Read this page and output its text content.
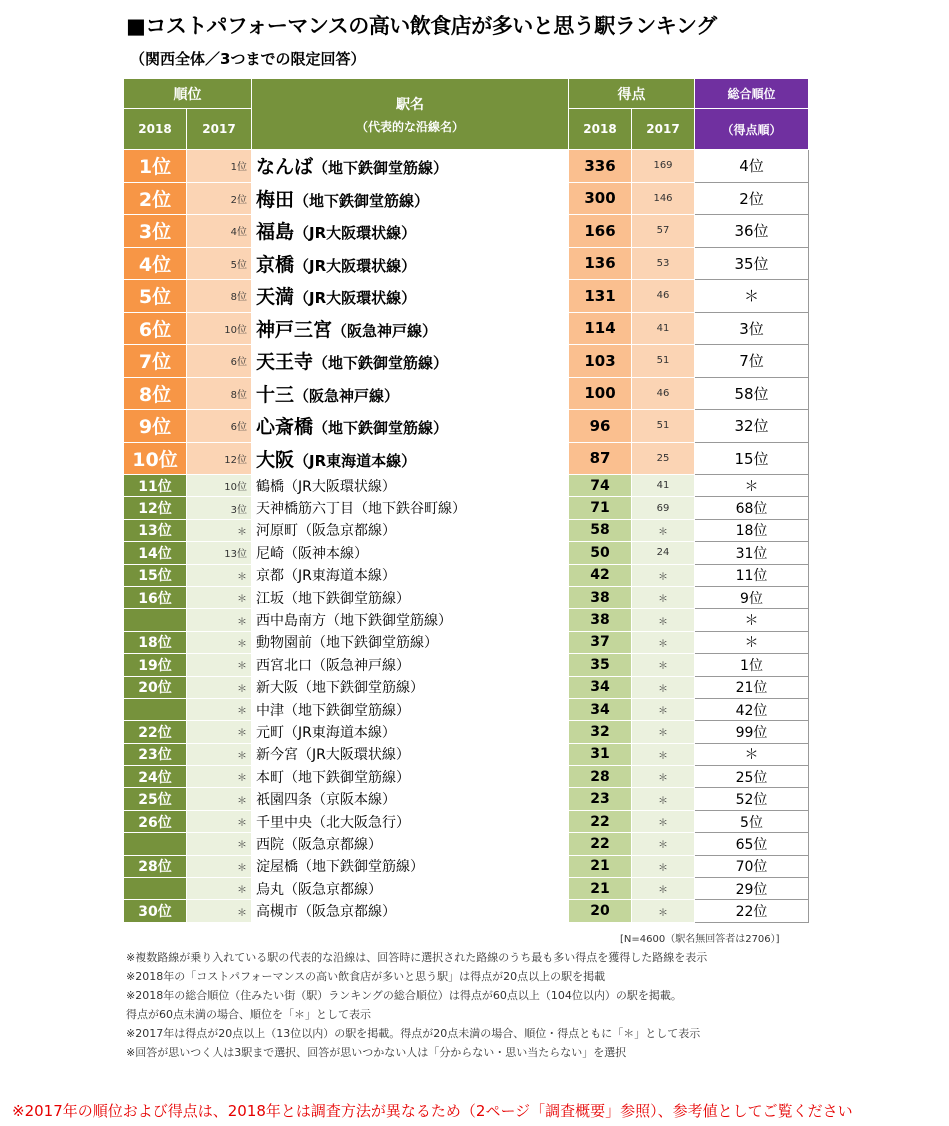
■コストパフォーマンスの高い飲食店が多いと思う駅ランキング
（関西全体／3つまでの限定回答）
順位		駅名
（代表的な沿線名）	得点		総合順位
2018	2017		2018	2017	（得点順）
1位	1位	なんば（地下鉄御堂筋線）	336	169	4位
2位	2位	梅田（地下鉄御堂筋線）	300	146	2位
3位	4位	福島（JR大阪環状線）	166	57	36位
4位	5位	京橋（JR大阪環状線）	136	53	35位
5位	8位	天満（JR大阪環状線）	131	46	＊
6位	10位	神戸三宮（阪急神戸線）	114	41	3位
7位	6位	天王寺（地下鉄御堂筋線）	103	51	7位
8位	8位	十三（阪急神戸線）	100	46	58位
9位	6位	心斎橋（地下鉄御堂筋線）	96	51	32位
10位	12位	大阪（JR東海道本線）	87	25	15位
11位	10位	鶴橋（JR大阪環状線）	74	41	＊
12位	3位	天神橋筋六丁目（地下鉄谷町線）	71	69	68位
13位	＊	河原町（阪急京都線）	58	＊	18位
14位	13位	尼崎（阪神本線）	50	24	31位
15位	＊	京都（JR東海道本線）	42	＊	11位
16位	＊	江坂（地下鉄御堂筋線）	38	＊	9位
	＊	西中島南方（地下鉄御堂筋線）	38	＊	＊
18位	＊	動物園前（地下鉄御堂筋線）	37	＊	＊
19位	＊	西宮北口（阪急神戸線）	35	＊	1位
20位	＊	新大阪（地下鉄御堂筋線）	34	＊	21位
	＊	中津（地下鉄御堂筋線）	34	＊	42位
22位	＊	元町（JR東海道本線）	32	＊	99位
23位	＊	新今宮（JR大阪環状線）	31	＊	＊
24位	＊	本町（地下鉄御堂筋線）	28	＊	25位
25位	＊	祇園四条（京阪本線）	23	＊	52位
26位	＊	千里中央（北大阪急行）	22	＊	5位
	＊	西院（阪急京都線）	22	＊	65位
28位	＊	淀屋橋（地下鉄御堂筋線）	21	＊	70位
	＊	烏丸（阪急京都線）	21	＊	29位
30位	＊	高槻市（阪急京都線）	20	＊	22位
[N=4600（駅名無回答者は2706）]
※複数路線が乗り入れている駅の代表的な沿線は、回答時に選択された路線のうち最も多い得点を獲得した路線を表示
※2018年の「コストパフォーマンスの高い飲食店が多いと思う駅」は得点が20点以上の駅を掲載
※2018年の総合順位（住みたい街（駅）ランキングの総合順位）は得点が60点以上（104位以内）の駅を掲載。
得点が60点未満の場合、順位を「＊」として表示
※2017年は得点が20点以上（13位以内）の駅を掲載。得点が20点未満の場合、順位・得点ともに「＊」として表示
※回答が思いつく人は3駅まで選択、回答が思いつかない人は「分からない・思い当たらない」を選択
※2017年の順位および得点は、2018年とは調査方法が異なるため（2ページ「調査概要」参照）、参考値としてご覧ください
